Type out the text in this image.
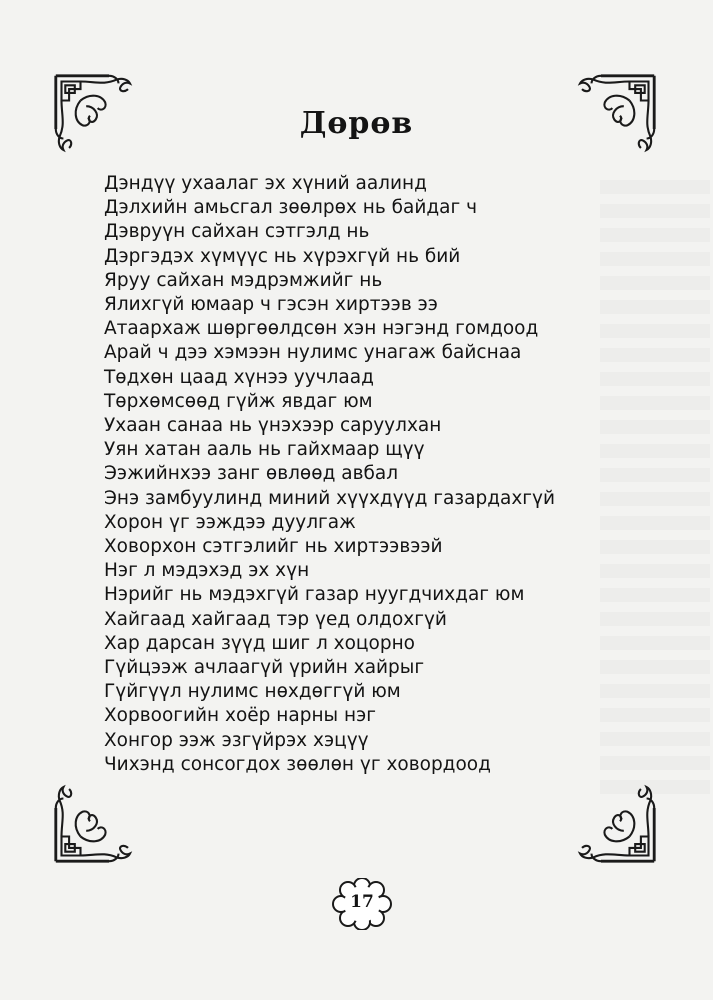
Дөрөв
Дэндүү ухаалаг эх хүний аалинд
Дэлхийн амьсгал зөөлрөх нь байдаг ч
Дэвруүн сайхан сэтгэлд нь
Дэргэдэх хүмүүс нь хүрэхгүй нь бий
Яруу сайхан мэдрэмжийг нь
Ялихгүй юмаар ч гэсэн хиртээв ээ
Атаархаж шөргөөлдсөн хэн нэгэнд гомдоод
Арай ч дээ хэмээн нулимс унагаж байснаа
Төдхөн цаад хүнээ уучлаад
Төрхөмсөөд гүйж явдаг юм
Ухаан санаа нь үнэхээр саруулхан
Уян хатан ааль нь гайхмаар щүү
Ээжийнхээ занг өвлөөд авбал
Энэ замбуулинд миний хүүхдүүд газардахгүй
Хорон үг ээждээ дуулгаж
Ховорхон сэтгэлийг нь хиртээвээй
Нэг л мэдэхэд эх хүн
Нэрийг нь мэдэхгүй газар нуугдчихдаг юм
Хайгаад хайгаад тэр үед олдохгүй
Хар дарсан зүүд шиг л хоцорно
Гүйцээж ачлаагүй үрийн хайрыг
Гүйгүүл нулимс нөхдөггүй юм
Хорвоогийн хоёр нарны нэг
Хонгор ээж эзгүйрэх хэцүү
Чихэнд сонсогдох зөөлөн үг ховордоод
17
